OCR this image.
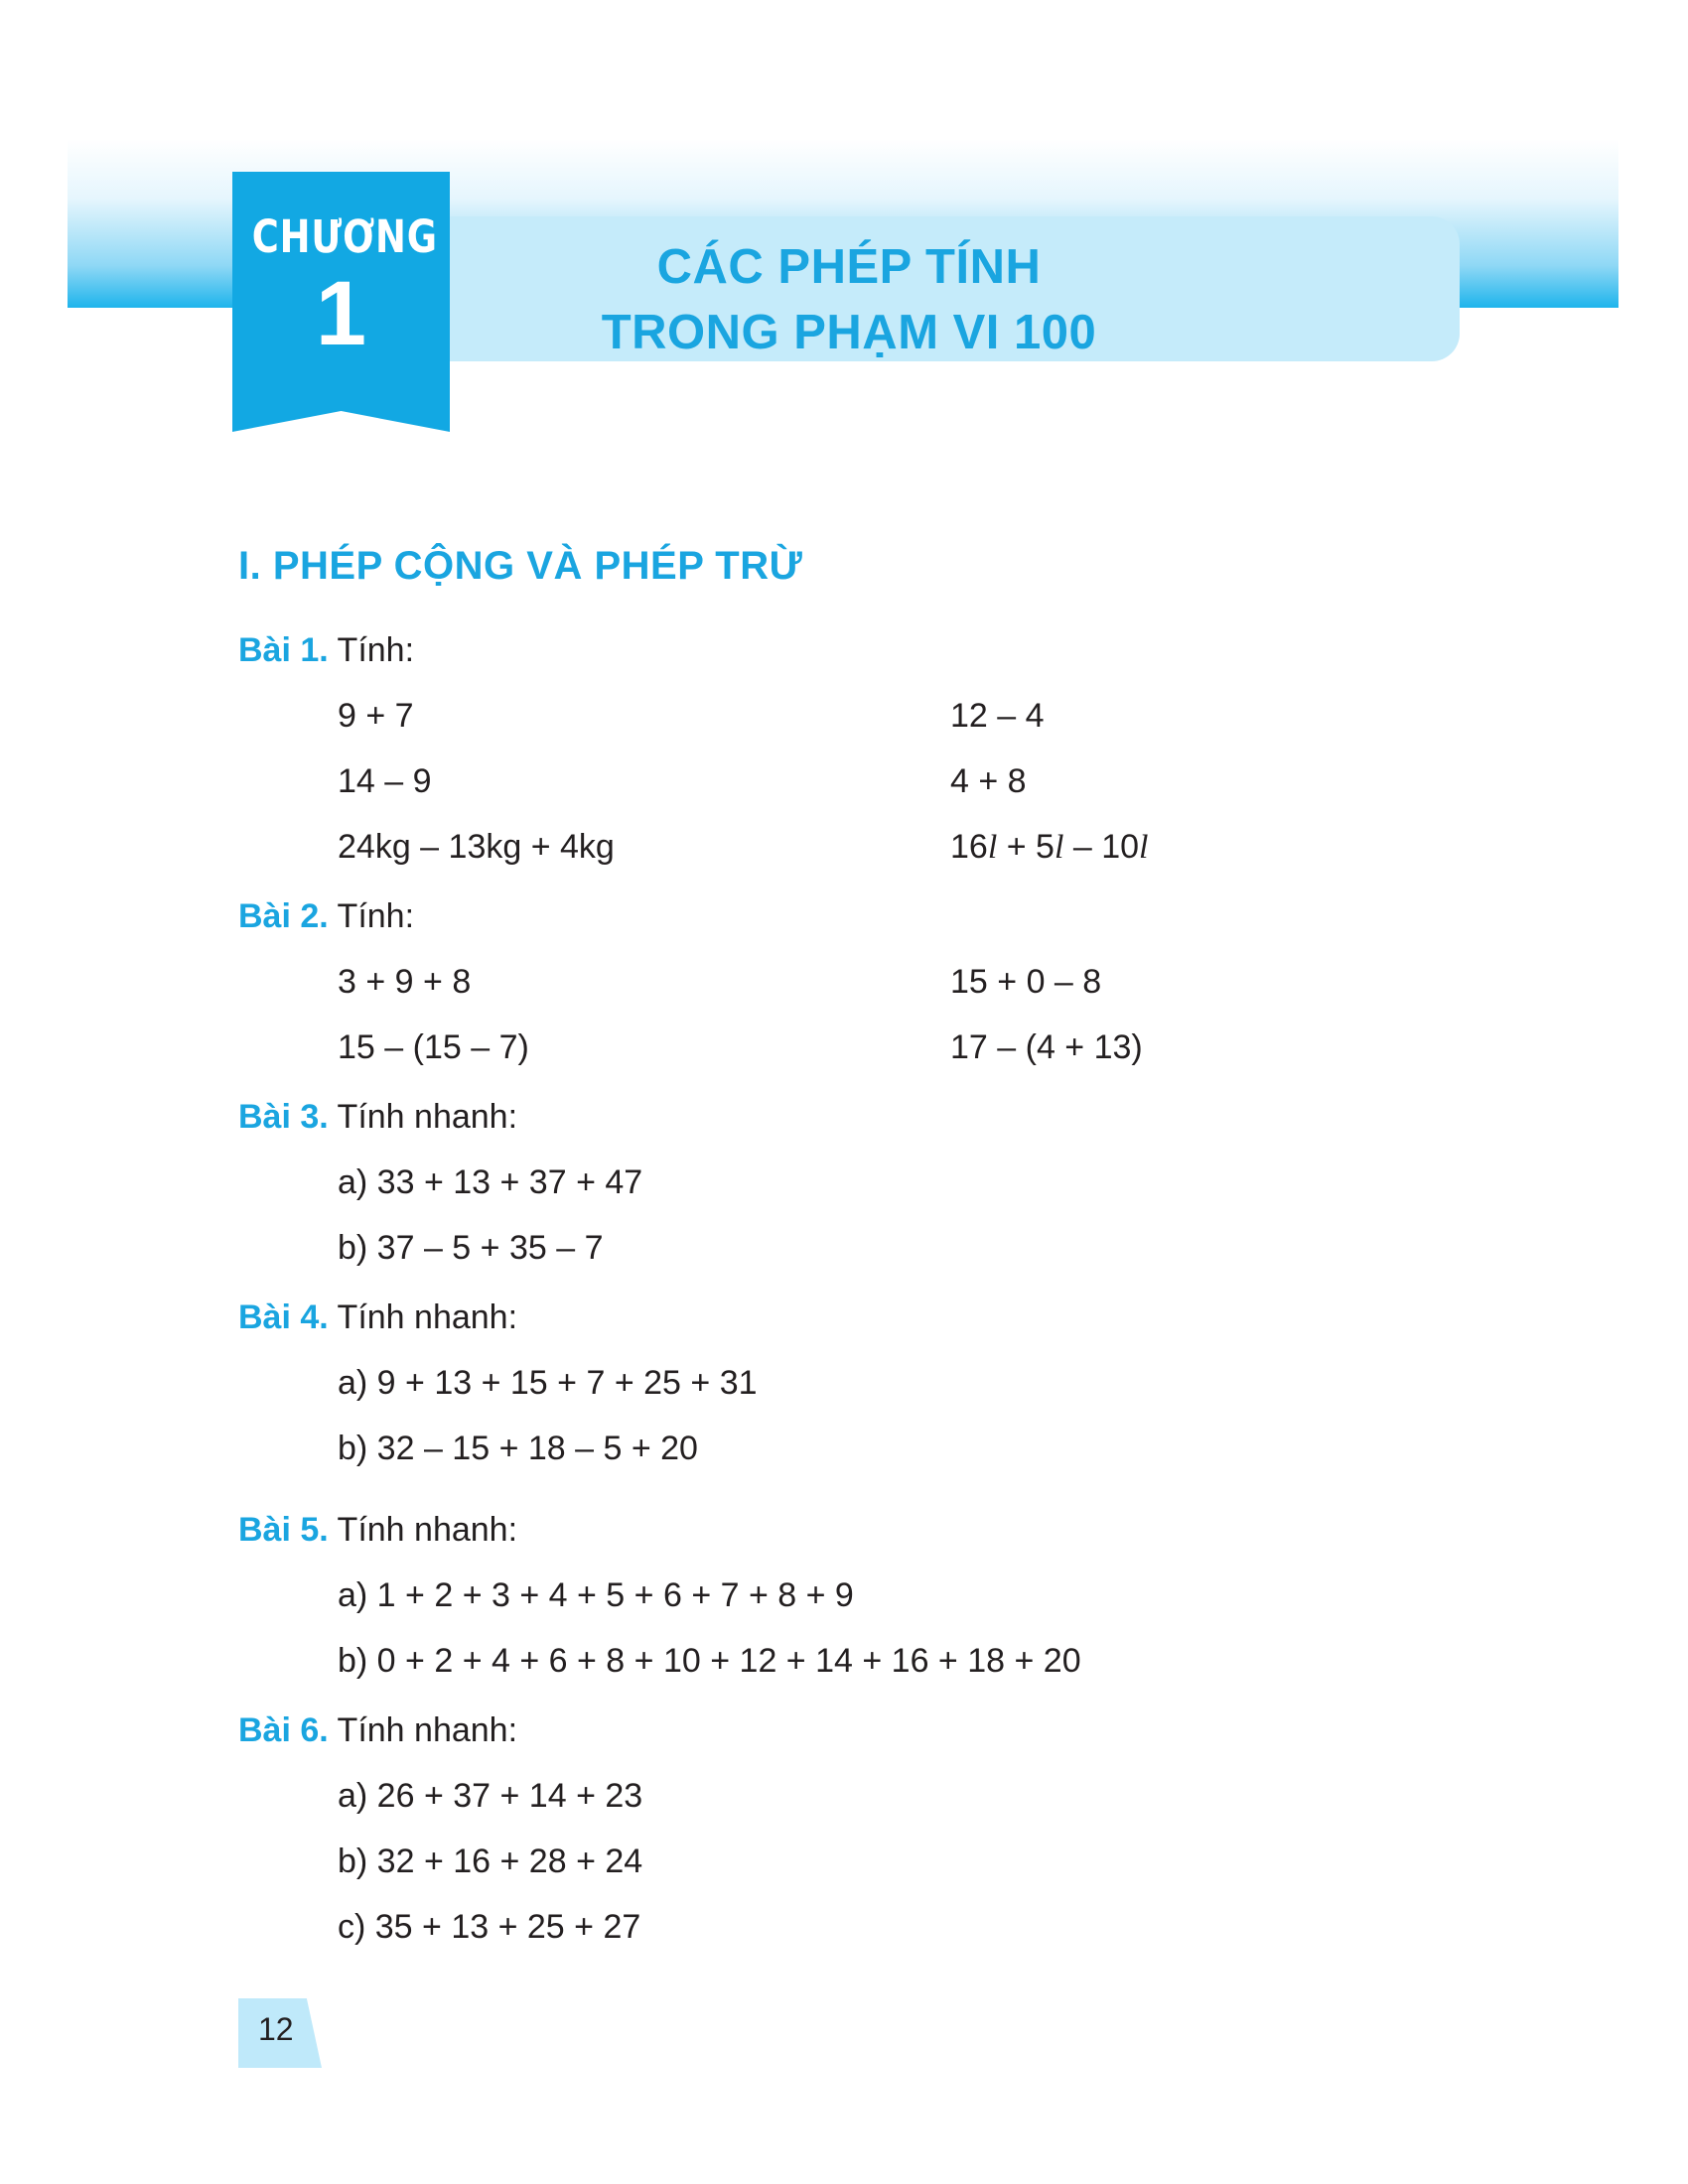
CÁC PHÉP TÍNH
TRONG PHẠM VI 100
CHƯƠNG
1
I. PHÉP CỘNG VÀ PHÉP TRỪ
Bài 1. Tính:
9 + 7	12 – 4
14 – 9	4 + 8
24kg – 13kg + 4kg	16l + 5l – 10l
Bài 2. Tính:
3 + 9 + 8	15 + 0 – 8
15 – (15 – 7)	17 – (4 + 13)
Bài 3. Tính nhanh:
a) 33 + 13 + 37 + 47
b) 37 – 5 + 35 – 7
Bài 4. Tính nhanh:
a) 9 + 13 + 15 + 7 + 25 + 31
b) 32 – 15 + 18 – 5 + 20
Bài 5. Tính nhanh:
a) 1 + 2 + 3 + 4 + 5 + 6 + 7 + 8 + 9
b) 0 + 2 + 4 + 6 + 8 + 10 + 12 + 14 + 16 + 18 + 20
Bài 6. Tính nhanh:
a) 26 + 37 + 14 + 23
b) 32 + 16 + 28 + 24
c) 35 + 13 + 25 + 27
12
